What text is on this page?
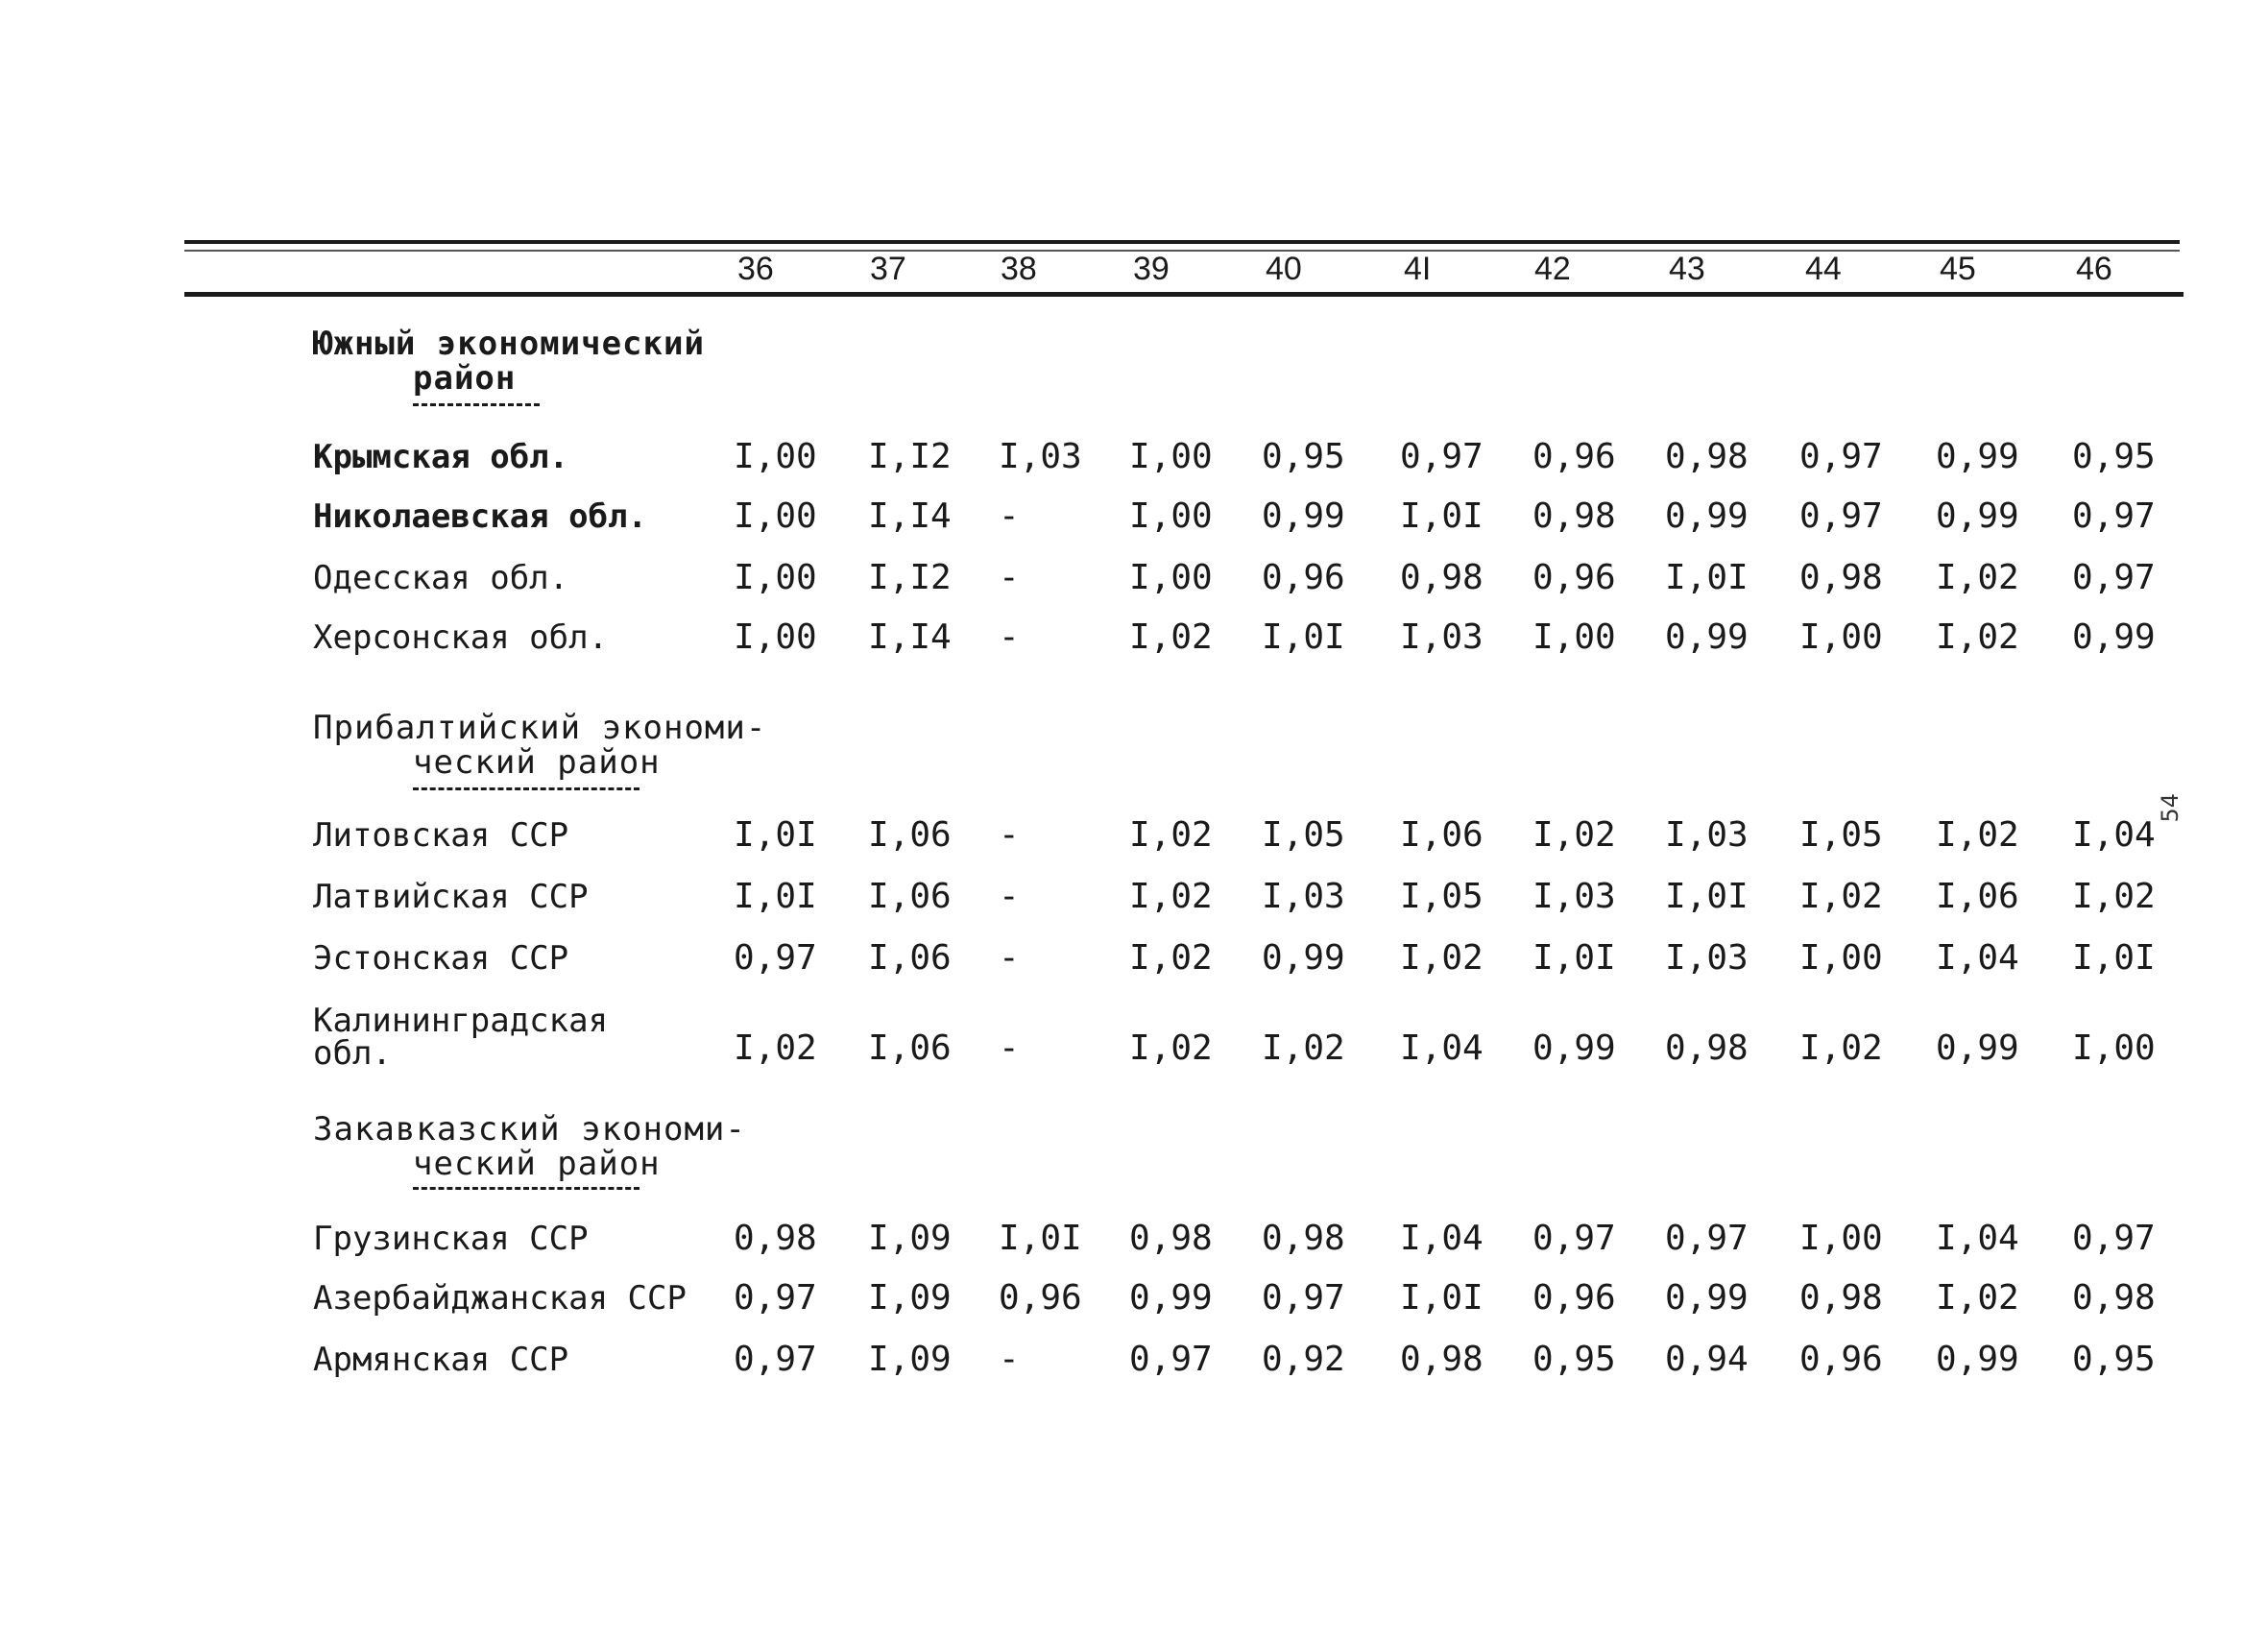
36	37	38	39	40	4I	42	43	44	45	46
Южный экономический
район
Крымская обл.	I,00 I,I2 I,03 I,00 0,95 0,97 0,96 0,98 0,97 0,99 0,95
Николаевская обл.	I,00 I,I4 -	I,00 0,99 I,0I 0,98 0,99 0,97 0,99 0,97
Одесская обл.	I,00 I,I2 -	I,00 0,96 0,98 0,96 I,0I 0,98 I,02 0,97
Херсонская обл.	I,00 I,I4 -	I,02 I,0I I,03 I,00 0,99 I,00 I,02 0,99
Прибалтийский экономи-
ческий район
Литовская ССР	I,0I I,06 -	I,02 I,05 I,06 I,02 I,03 I,05 I,02 I,04
Латвийская ССР	I,0I I,06 -	I,02 I,03 I,05 I,03 I,0I I,02 I,06 I,02
Эстонская ССР	0,97 I,06 -	I,02 0,99 I,02 I,0I I,03 I,00 I,04 I,0I
Калининградская
обл.	I,02 I,06 -	I,02 I,02 I,04 0,99 0,98 I,02 0,99 I,00
Закавказский экономи-
ческий район
Грузинская ССР	0,98 I,09 I,0I 0,98 0,98 I,04 0,97 0,97 I,00 I,04 0,97
Азербайджанская ССР 0,97 I,09 0,96 0,99 0,97 I,0I 0,96 0,99 0,98 I,02 0,98
Армянская ССР	0,97 I,09 -	0,97 0,92 0,98 0,95 0,94 0,96 0,99 0,95
54
